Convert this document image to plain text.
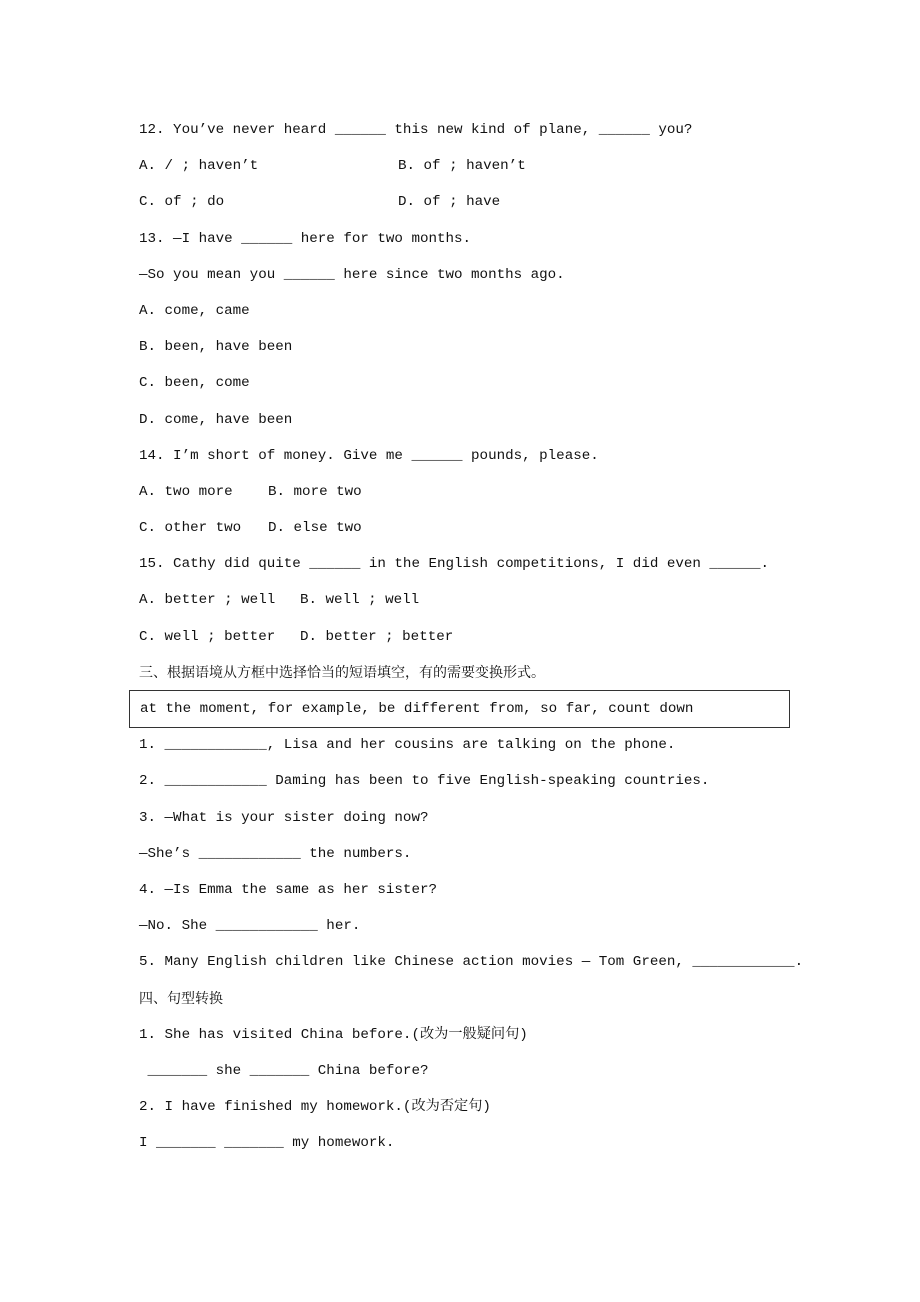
at the moment, for example, be different from, so far, count down
12. You’ve never heard ______ this new kind of plane, ______ you?
A. / ; haven’t	B. of ; haven’t
C. of ; do	D. of ; have
13. —I have ______ here for two months.
—So you mean you ______ here since two months ago.
A. come, came
B. been, have been
C. been, come
D. come, have been
14. I’m short of money. Give me ______ pounds, please.
A. two more B. more two
C. other two D. else two
15. Cathy did quite ______ in the English competitions, I did even ______.
A. better ; well B. well ; well
C. well ; better D. better ; better
三、根据语境从方框中选择恰当的短语填空，有的需要变换形式。
1. ____________, Lisa and her cousins are talking on the phone.
2. ____________ Daming has been to five English-speaking countries.
3. —What is your sister doing now?
—She’s ____________ the numbers.
4. —Is Emma the same as her sister?
—No. She ____________ her.
5. Many English children like Chinese action movies — Tom Green, ____________.
四、句型转换
1. She has visited China before.(改为一般疑问句)
_______ she _______ China before?
2. I have finished my homework.(改为否定句)
I _______ _______ my homework.
